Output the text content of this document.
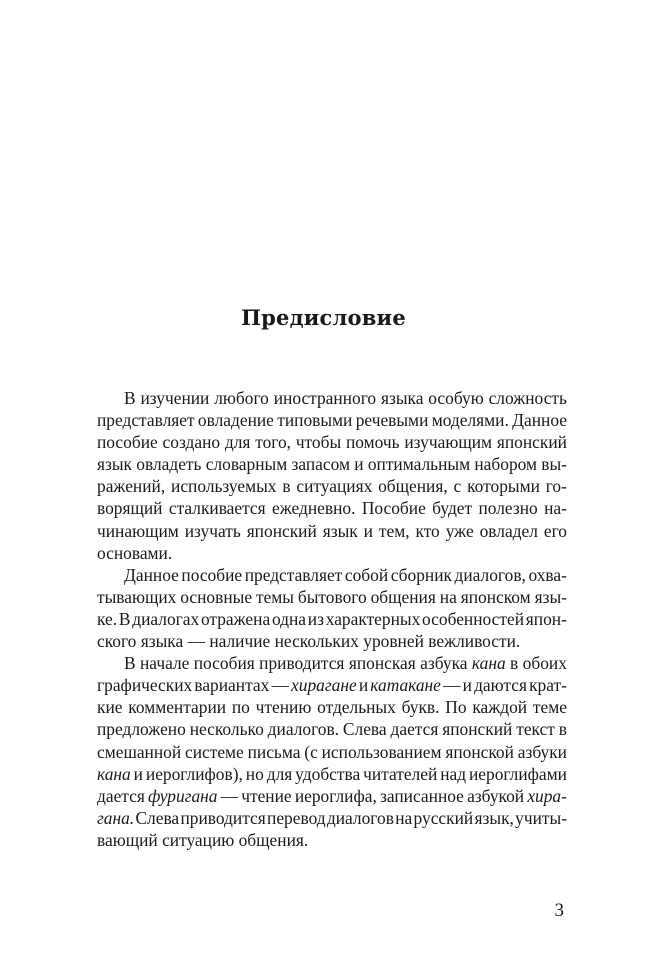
Предисловие
В изучении любого иностранного языка особую сложность
представляет овладение типовыми речевыми моделями. Данное
пособие создано для того, чтобы помочь изучающим японский
язык овладеть словарным запасом и оптимальным набором вы-
ражений, используемых в ситуациях общения, с которыми го-
ворящий сталкивается ежедневно. Пособие будет полезно на-
чинающим изучать японский язык и тем, кто уже овладел его
основами.
Данное пособие представляет собой сборник диалогов, охва-
тывающих основные темы бытового общения на японском язы-
ке. В диалогах отражена одна из характерных особенностей япон-
ского языка — наличие нескольких уровней вежливости.
В начале пособия приводится японская азбука кана в обоих
графических вариантах — хирагане и катакане — и даются крат-
кие комментарии по чтению отдельных букв. По каждой теме
предложено несколько диалогов. Слева дается японский текст в
смешанной системе письма (с использованием японской азбуки
кана и иероглифов), но для удобства читателей над иероглифами
дается фуригана — чтение иероглифа, записанное азбукой хира-
гана. Слева приводится перевод диалогов на русский язык, учиты-
вающий ситуацию общения.
3
